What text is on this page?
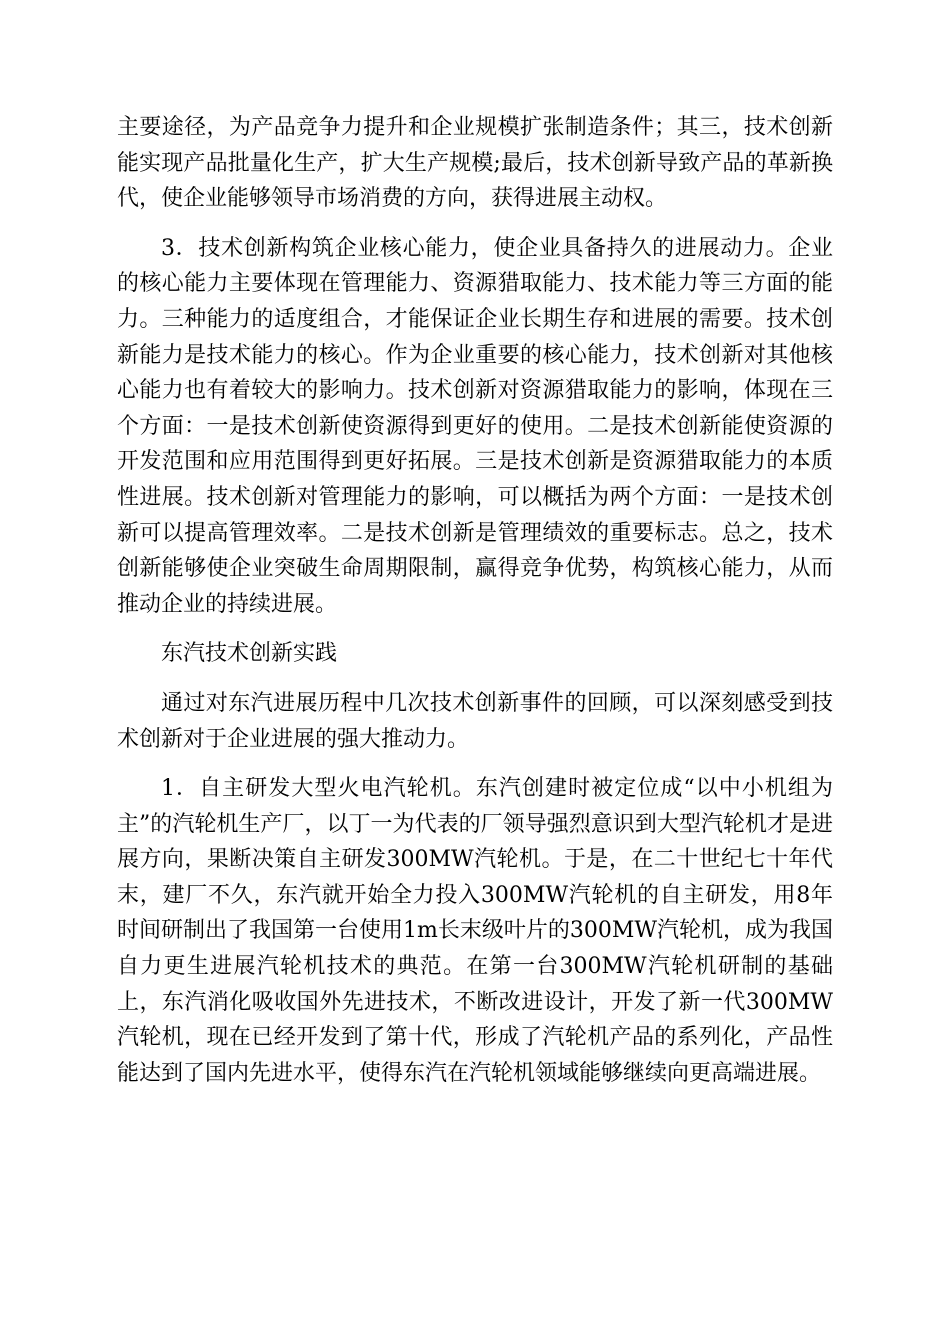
主要途径，为产品竞争力提升和企业规模扩张制造条件；其三，技术创新能实现产品批量化生产，扩大生产规模;最后，技术创新导致产品的革新换代，使企业能够领导市场消费的方向，获得进展主动权。

3．技术创新构筑企业核心能力，使企业具备持久的进展动力。企业的核心能力主要体现在管理能力、资源猎取能力、技术能力等三方面的能力。三种能力的适度组合，才能保证企业长期生存和进展的需要。技术创新能力是技术能力的核心。作为企业重要的核心能力，技术创新对其他核心能力也有着较大的影响力。技术创新对资源猎取能力的影响，体现在三个方面：一是技术创新使资源得到更好的使用。二是技术创新能使资源的开发范围和应用范围得到更好拓展。三是技术创新是资源猎取能力的本质性进展。技术创新对管理能力的影响，可以概括为两个方面：一是技术创新可以提高管理效率。二是技术创新是管理绩效的重要标志。总之，技术创新能够使企业突破生命周期限制，赢得竞争优势，构筑核心能力，从而推动企业的持续进展。

东汽技术创新实践

通过对东汽进展历程中几次技术创新事件的回顾，可以深刻感受到技术创新对于企业进展的强大推动力。

1．自主研发大型火电汽轮机。东汽创建时被定位成“以中小机组为主”的汽轮机生产厂，以丁一为代表的厂领导强烈意识到大型汽轮机才是进展方向，果断决策自主研发300MW汽轮机。于是，在二十世纪七十年代末，建厂不久，东汽就开始全力投入300MW汽轮机的自主研发，用8年时间研制出了我国第一台使用1m长末级叶片的300MW汽轮机，成为我国自力更生进展汽轮机技术的典范。在第一台300MW汽轮机研制的基础上，东汽消化吸收国外先进技术，不断改进设计，开发了新一代300MW汽轮机，现在已经开发到了第十代，形成了汽轮机产品的系列化，产品性能达到了国内先进水平，使得东汽在汽轮机领域能够继续向更高端进展。
